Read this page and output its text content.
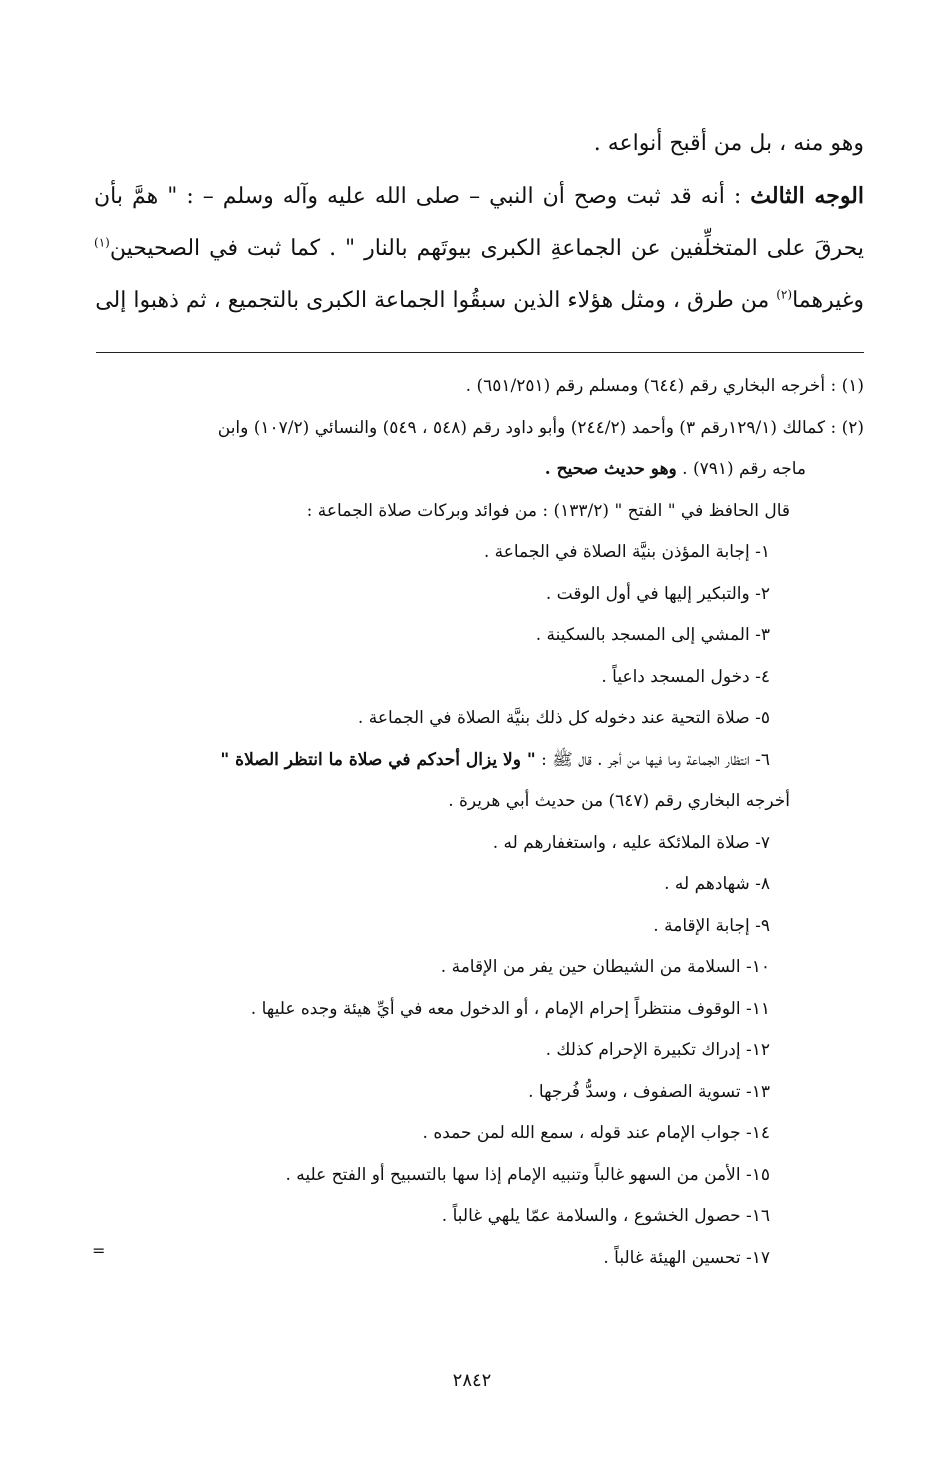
وهو منه ، بل من أقبح أنواعه .

الوجه الثالث : أنه قد ثبت وصح أن النبي – صلى الله عليه وآله وسلم – : " همَّ بأن يحرقَ على المتخلِّفين عن الجماعةِ الكبرى بيوتَهم بالنار " . كما ثبت في الصحيحين$^{(١)}$ وغيرهما$^{(٢)}$ من طرق ، ومثل هؤلاء الذين سبقُوا الجماعة الكبرى بالتجميع ، ثم ذهبوا إلى

(١) : أخرجه البخاري رقم (٦٤٤) ومسلم رقم (٦٥١/٢٥١) .

(٢) : كمالك (١٢٩/١رقم ٣) وأحمد (٢٤٤/٢) وأبو داود رقم (٥٤٨ ، ٥٤٩) والنسائي (١٠٧/٢) وابن

ماجه رقم (٧٩١) . وهو حديث صحيح .

قال الحافظ في " الفتح " (١٣٣/٢) : من فوائد وبركات صلاة الجماعة :

١- إجابة المؤذن بنيَّة الصلاة في الجماعة .

٢- والتبكير إليها في أول الوقت .

٣- المشي إلى المسجد بالسكينة .

٤- دخول المسجد داعياً .

٥- صلاة التحية عند دخوله كل ذلك بنيَّة الصلاة في الجماعة .

٦- انتظار الجماعة وما فيها من أجر . قال ﷺ : " ولا يزال أحدكم في صلاة ما انتظر الصلاة "

أخرجه البخاري رقم (٦٤٧) من حديث أبي هريرة .

٧- صلاة الملائكة عليه ، واستغفارهم له .

٨- شهادهم له .

٩- إجابة الإقامة .

١٠- السلامة من الشيطان حين يفر من الإقامة .

١١- الوقوف منتظراً إحرام الإمام ، أو الدخول معه في أيِّ هيئة وجده عليها .

١٢- إدراك تكبيرة الإحرام كذلك .

١٣- تسوية الصفوف ، وسدُّ فُرجها .

١٤- جواب الإمام عند قوله ، سمع الله لمن حمده .

١٥- الأمن من السهو غالباً وتنبيه الإمام إذا سها بالتسبيح أو الفتح عليه .

١٦- حصول الخشوع ، والسلامة عمّا يلهي غالباً .

١٧- تحسين الهيئة غالباً .

=
٢٨٤٢
